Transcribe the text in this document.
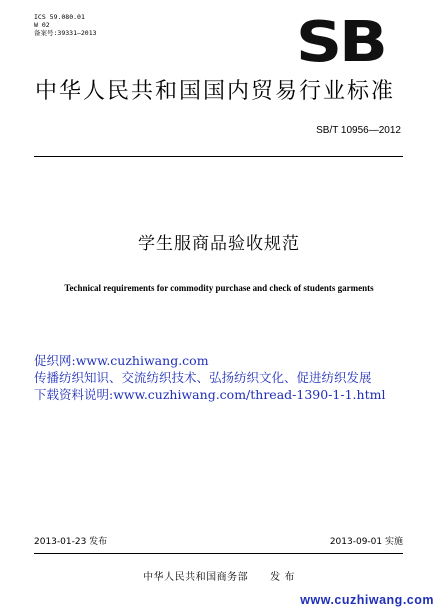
ICS 59.080.01
W 02
备案号:39331—2013	SB
中华人民共和国国内贸易行业标准
SB/T 10956—2012
学生服商品验收规范
Technical requirements for commodity purchase and check of students garments
促织网:www.cuzhiwang.com
传播纺织知识、交流纺织技术、弘扬纺织文化、促进纺织发展
下载资料说明:www.cuzhiwang.com/thread-1390-1-1.html
2013-01-23 发布	2013-09-01 实施
中华人民共和国商务部 发 布
www.cuzhiwang.com
